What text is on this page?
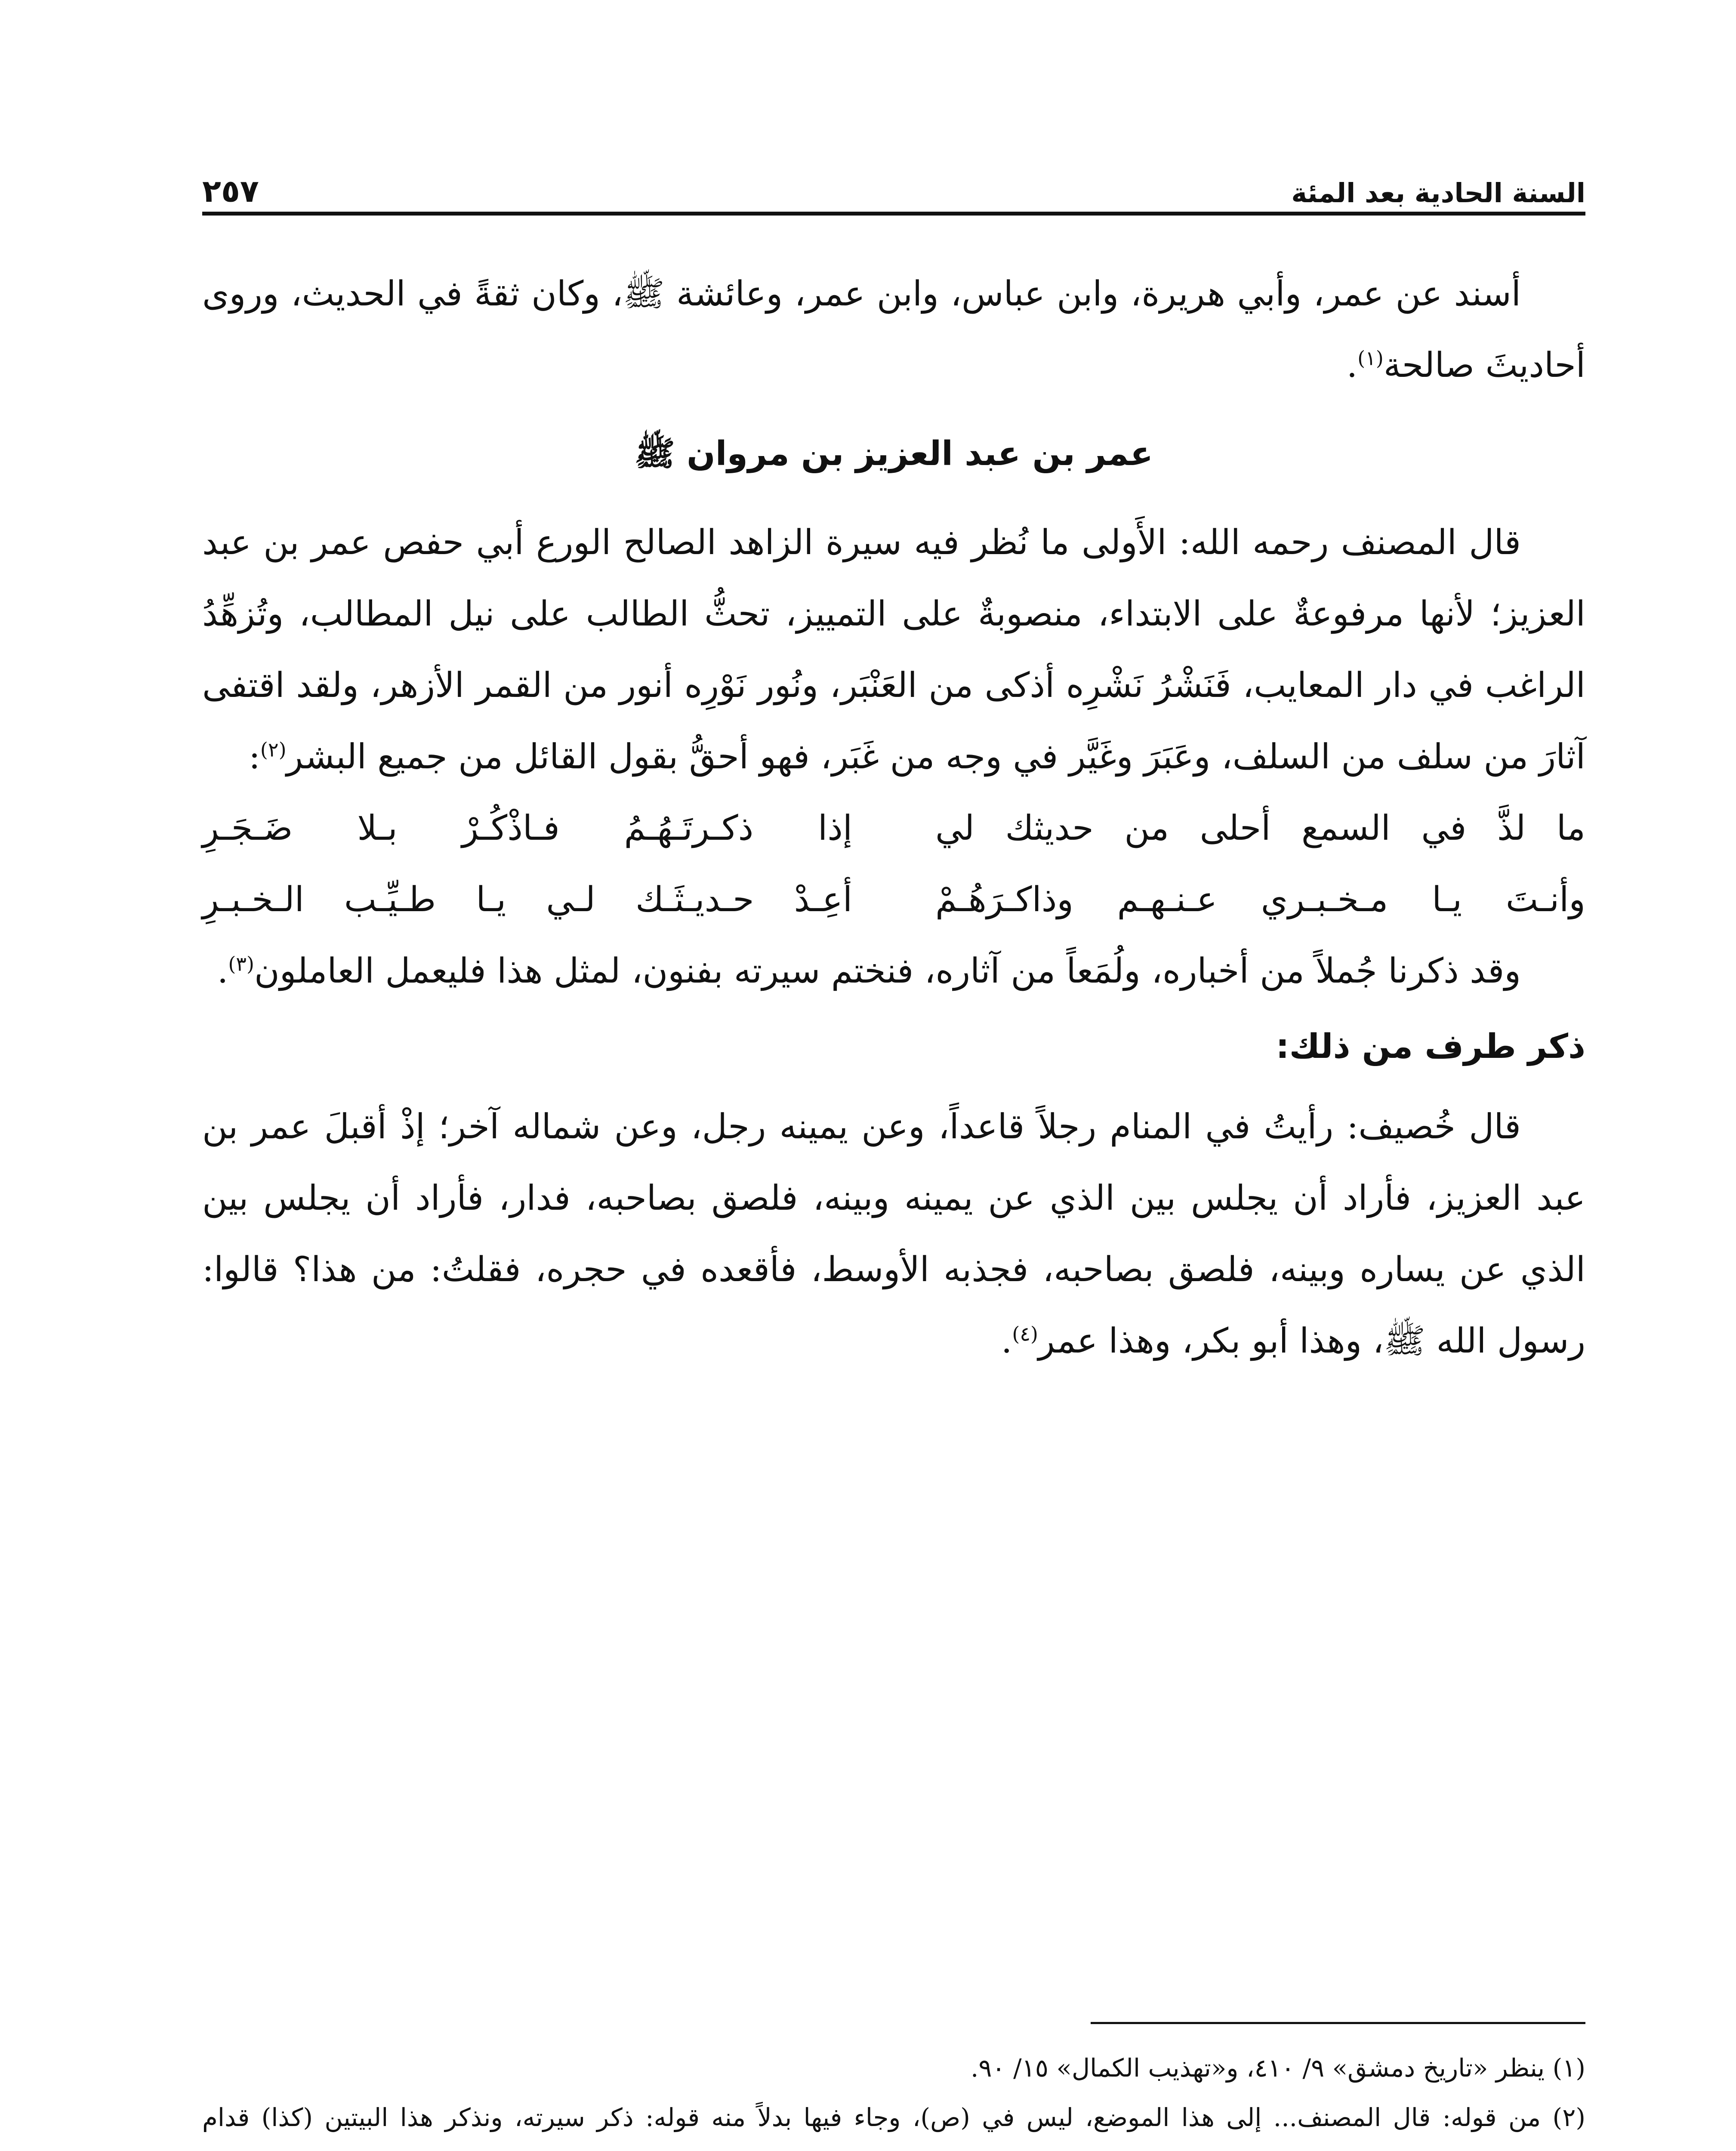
السنة الحادية بعد المئة
٢٥٧

أسند عن عمر، وأبي هريرة، وابن عباس، وابن عمر، وعائشة ﷺ، وكان ثقةً في الحديث، وروى أحاديثَ صالحة$^{(١)}$.

عمر بن عبد العزيز بن مروان ﷺ

قال المصنف رحمه الله: الأَولى ما نُظر فيه سيرة الزاهد الصالح الورع أبي حفص عمر بن عبد العزيز؛ لأنها مرفوعةٌ على الابتداء، منصوبةٌ على التمييز، تحثُّ الطالب على نيل المطالب، وتُزهِّدُ الراغب في دار المعايب، فَنَشْرُ نَشْرِه أذكى من العَنْبَر، ونُور نَوْرِه أنور من القمر الأزهر، ولقد اقتفى آثارَ من سلف من السلف، وعَبَرَ وغَيَّر في وجه من غَبَر، فهو أحقُّ بقول القائل من جميع البشر$^{(٢)}$:

ما لذَّ في السمع أحلى من حديثك لي
إذا ذكـرتَـهُـمُ فـاذْكُـرْ بـلا ضَـجَـرِ
وأنـتَ يـا مـخـبـري عـنـهـم وذاكـرَهُـمْ
أعِـدْ حـديـثَـك لـي يـا طـيِّـب الـخـبـرِ

وقد ذكرنا جُملاً من أخباره، ولُمَعاً من آثاره، فنختم سيرته بفنون، لمثل هذا فليعمل العاملون$^{(٣)}$.

ذكر طرف من ذلك:

قال خُصيف: رأيتُ في المنام رجلاً قاعداً، وعن يمينه رجل، وعن شماله آخر؛ إذْ أقبلَ عمر بن عبد العزيز، فأراد أن يجلس بين الذي عن يمينه وبينه، فلصق بصاحبه، فدار، فأراد أن يجلس بين الذي عن يساره وبينه، فلصق بصاحبه، فجذبه الأوسط، فأقعده في حجره، فقلتُ: من هذا؟ قالوا: رسول الله ﷺ، وهذا أبو بكر، وهذا عمر$^{(٤)}$.

(١) ينظر «تاريخ دمشق» ٩/ ٤١٠، و«تهذيب الكمال» ١٥/ ٩٠.

(٢) من قوله: قال المصنف... إلى هذا الموضع، ليس في (ص)، وجاء فيها بدلاً منه قوله: ذكر سيرته، ونذكر هذا البيتين (كذا) قدام
